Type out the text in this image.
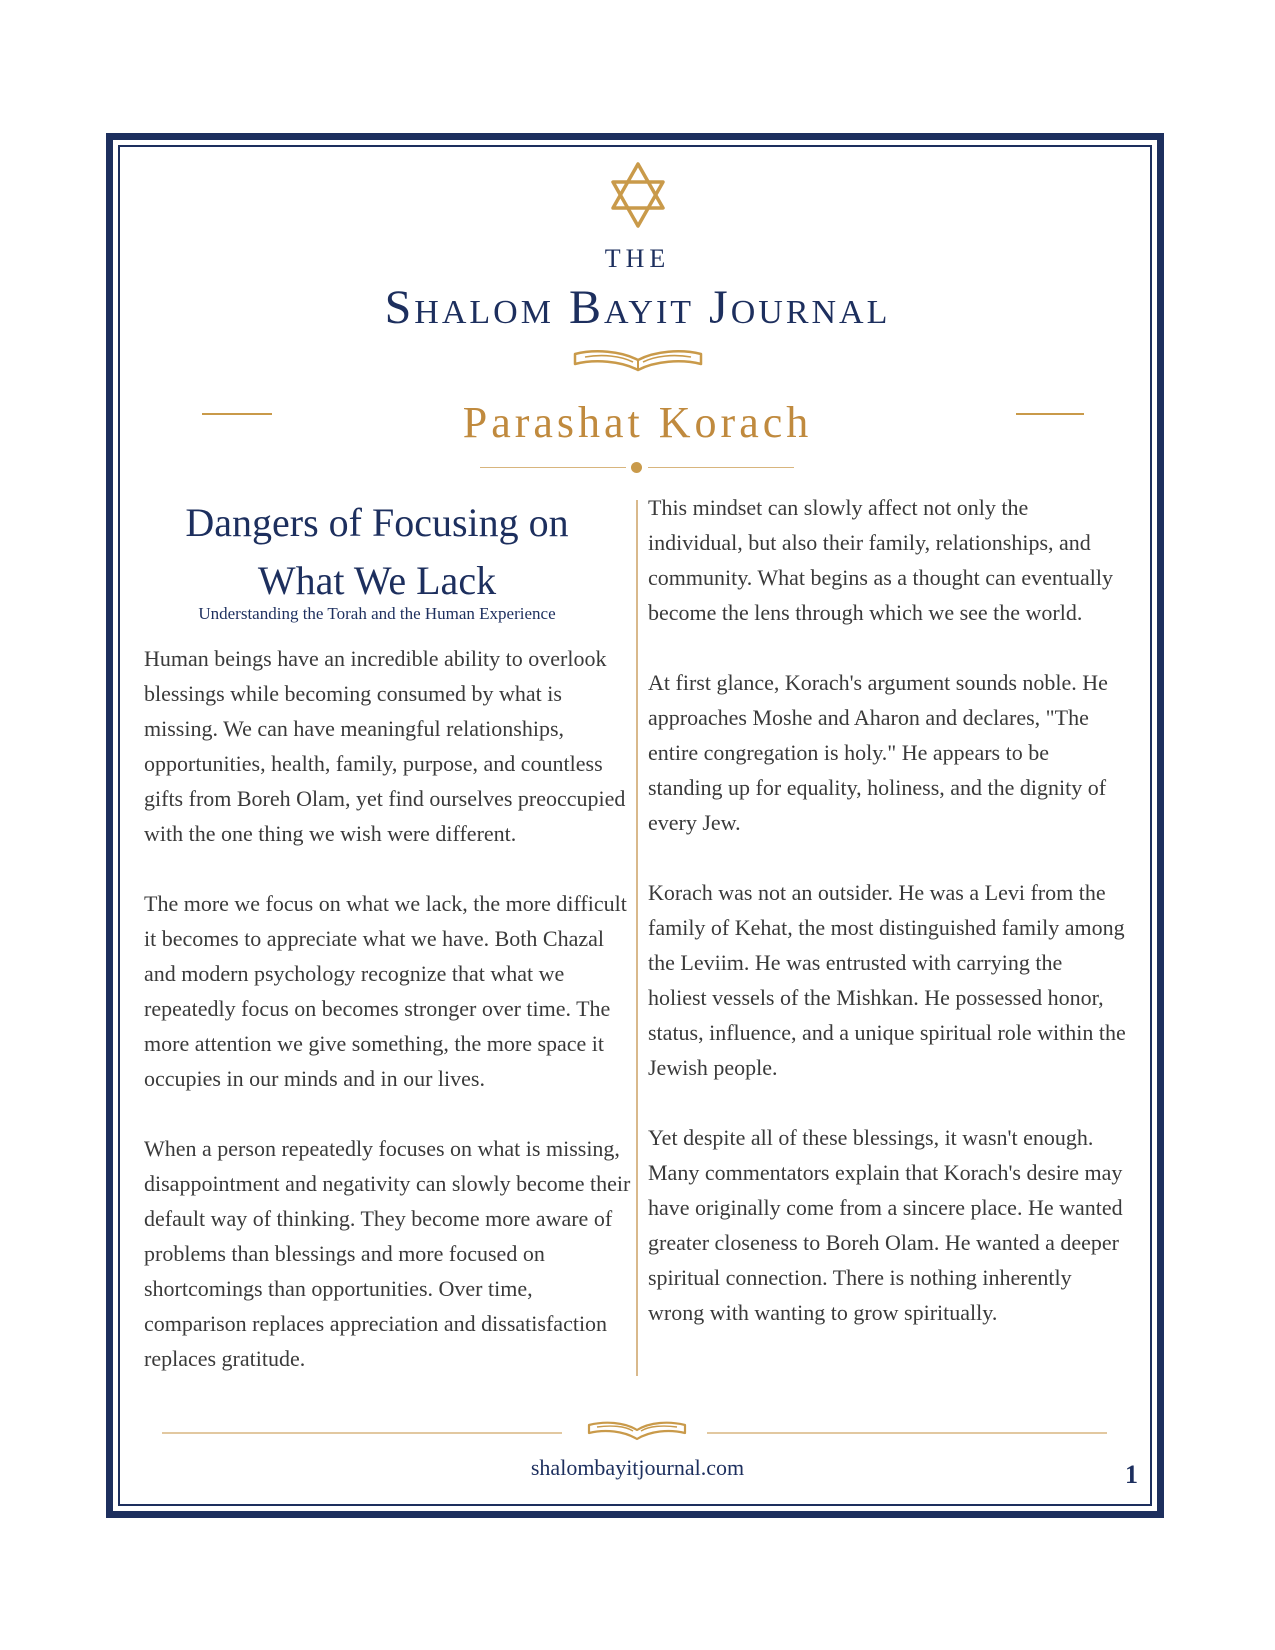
THE
Shalom Bayit Journal
Parashat Korach
Dangers of Focusing on
What We Lack
Understanding the Torah and the Human Experience

Human beings have an incredible ability to overlook blessings while becoming consumed by what is missing. We can have meaningful relationships, opportunities, health, family, purpose, and countless gifts from Boreh Olam, yet find ourselves preoccupied with the one thing we wish were different.

The more we focus on what we lack, the more difficult it becomes to appreciate what we have. Both Chazal and modern psychology recognize that what we repeatedly focus on becomes stronger over time. The more attention we give something, the more space it occupies in our minds and in our lives.

When a person repeatedly focuses on what is missing, disappointment and negativity can slowly become their default way of thinking. They become more aware of problems than blessings and more focused on shortcomings than opportunities. Over time, comparison replaces appreciation and dissatisfaction replaces gratitude.

This mindset can slowly affect not only the individual, but also their family, relationships, and community. What begins as a thought can eventually become the lens through which we see the world.

At first glance, Korach's argument sounds noble. He approaches Moshe and Aharon and declares, "The entire congregation is holy." He appears to be standing up for equality, holiness, and the dignity of every Jew.

Korach was not an outsider. He was a Levi from the family of Kehat, the most distinguished family among the Leviim. He was entrusted with carrying the holiest vessels of the Mishkan. He possessed honor, status, influence, and a unique spiritual role within the Jewish people.

Yet despite all of these blessings, it wasn't enough. Many commentators explain that Korach's desire may have originally come from a sincere place. He wanted greater closeness to Boreh Olam. He wanted a deeper spiritual connection. There is nothing inherently wrong with wanting to grow spiritually.

shalombayitjournal.com	1
